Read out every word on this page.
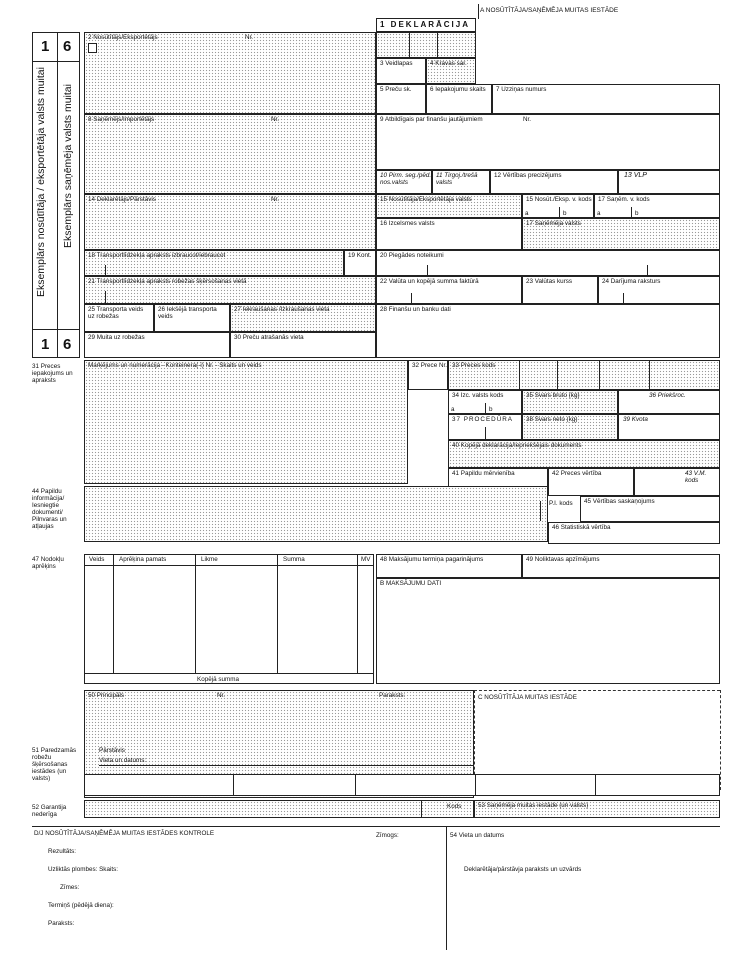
A NOSŪTĪTĀJA/SAŅĒMĒJA MUITAS IESTĀDE
1 DEKLARĀCIJA
1 6
1 6
Eksemplārs nosūtītāja / eksportētāja valsts muitai Eksemplārs saņēmēja valsts muitai
2 Nosūtītājs/Eksportētājs	Nr.
8 Saņēmējs/Importētājs	Nr.
14 Deklarētājs/Pārstāvis	Nr.
18 Transportlīdzekļa apraksts izbraucot/iebraucot	19 Kont.
21 Transportlīdzekļa apraksts robežas šķērsošanas vietā
25 Transporta veids uz robežas
26 Iekšējā transporta veids
27 Iekraušanas /Izkraušanas vieta
29 Muita uz robežas	30 Preču atrašanās vieta
3 Veidlapas	4 Kravas sar.
5 Preču sk.	6 Iepakojumu skaits 7 Uzziņas numurs
9 Atbildīgais par finanšu jautājumiem	Nr.
10 Pirm. seg./pēd. nos.valsts
11 Tirgoj./trešā valsts
12 Vērtības precizējums	13 VLP
15 Nosūtītāja/Eksportētāja valsts	15 Nosūt./Eksp. v. kods
a	b
17 Saņēm. v. kods
a	b
16 Izcelsmes valsts	17 Saņēmēja valsts
20 Piegādes noteikumi
22 Valūta un kopējā summa faktūrā	23 Valūtas kurss	24 Darījuma raksturs
28 Finanšu un banku dati
31 Preces iepakojums un apraksts
Marķējums un numerācija - Konteinera(-i) Nr. - Skaits un veids	32 Prece Nr. 33 Preces kods
34 Izc. valsts kods
a	b
35 Svars bruto (kg)	36 Priekšroc.
37 PROCEDŪRA 38 Svars neto (kg)	39 Kvota
40 Kopējā deklarācija/Iepriekšējais dokuments
41 Papildu mērvienība	42 Preces vērtība	43 V.M. kods
44 Papildu informācija/ Iesniegtie dokumenti/ Pilnvaras un atļaujas
P.I. kods 45 Vērtības saskaņojums
46 Statistiskā vērtība
47 Nodokļu aprēķins
Veids Aprēķina pamats	Likme	Summa	MV
Kopējā summa
48 Maksājumu termiņa pagarinājums	49 Noliktavas apzīmējums
B MAKSĀJUMU DATI
50 Principāls	Nr.	Paraksts:
Pārstāvis
Vieta un datums:
C NOSŪTĪTĀJA MUITAS IESTĀDE
51 Paredzamās robežu šķērsošanas iestādes (un valsts)
52 Garantija nederīga
Kods	53 Saņēmēja muitas iestāde (un valsts)
D/J NOSŪTĪTĀJA/SAŅĒMĒJA MUITAS IESTĀDES KONTROLE	Zīmogs:	54 Vieta un datums
Rezultāts:
Uzliktās plombes: Skaits:
Zīmes:
Termiņš (pēdējā diena):
Paraksts:
Deklarētāja/pārstāvja paraksts un uzvārds
